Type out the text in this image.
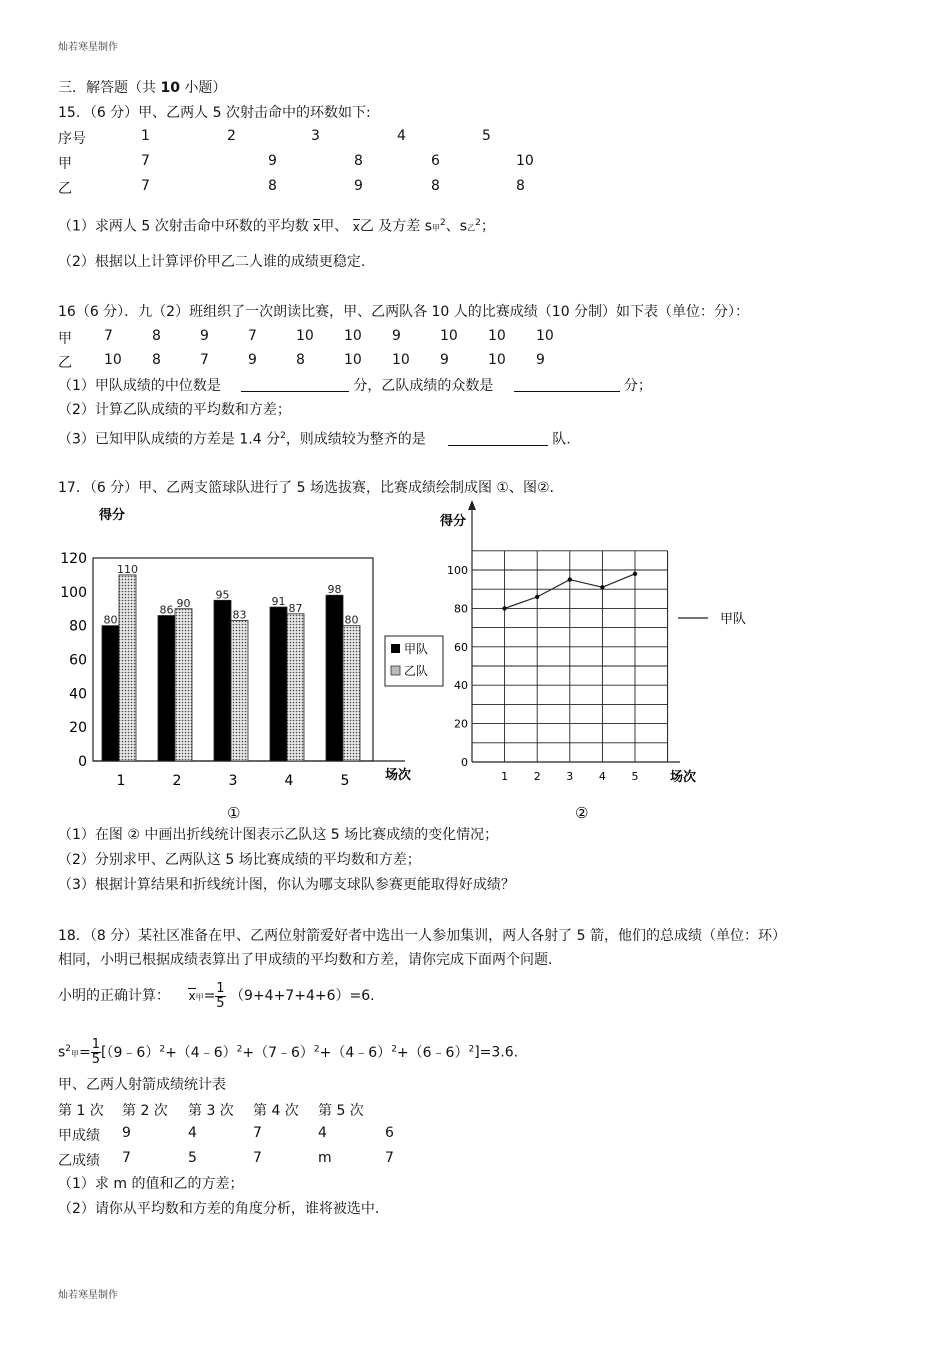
灿若寒星制作
灿若寒星制作
三．解答题（共 10 小题）
15．（6 分）甲、乙两人 5 次射击命中的环数如下:
序号	1	2	3	4	5
甲	7	9	8	6	10
乙	7	8	9	8	8
（1）求两人 5 次射击命中环数的平均数 x甲、 x乙 及方差 s甲$^2$、s乙$^2$；
（2）根据以上计算评价甲乙二人谁的成绩更稳定.
16（6 分）．九（2）班组织了一次朗读比赛，甲、乙两队各 10 人的比赛成绩（10 分制）如下表（单位：分）：
甲 7	8	9	7	10 10 9	10 10 10
乙 10 8	7	9	8	10 10 9	10 9
（1）甲队成绩的中位数是	分，乙队成绩的众数是	分；
（2）计算乙队成绩的平均数和方差；
（3）已知甲队成绩的方差是 1.4 分$^2$，则成绩较为整齐的是	队.
17．（6 分）甲、乙两支篮球队进行了 5 场选拔赛，比赛成绩绘制成图 ①、图②．
得分
0
20
40
60
80
100
120
80
110
86
90
95
83
91
87
98
80
1	2	3	4	5	场次
甲队
乙队
①
得分
0
20
40
60
80
100
1 2 3 4 5 场次
甲队
②
（1）在图 ② 中画出折线统计图表示乙队这 5 场比赛成绩的变化情况；
（2）分别求甲、乙两队这 5 场比赛成绩的平均数和方差；
（3）根据计算结果和折线统计图，你认为哪支球队参赛更能取得好成绩？
18．（8 分）某社区准备在甲、乙两位射箭爱好者中选出一人参加集训，两人各射了 5 箭，他们的总成绩（单位：环）
相同，小明已根据成绩表算出了甲成绩的平均数和方差，请你完成下面两个问题.
小明的正确计算： x甲= $\frac{1}{5} (9+4+7+4+6)=6$.
$s^2$甲= $\frac{1}{5}$ [（9﹣6）$^2$+（4﹣6）$^2$+（7﹣6）$^2$+（4﹣6）$^2$+（6﹣6）$^2$]=3.6.
甲、乙两人射箭成绩统计表
第 1 次 第 2 次 第 3 次 第 4 次 第 5 次
甲成绩 9	4	7	4	6
乙成绩 7	5	7	m	7
（1）求 m 的值和乙的方差；
（2）请你从平均数和方差的角度分析，谁将被选中.
